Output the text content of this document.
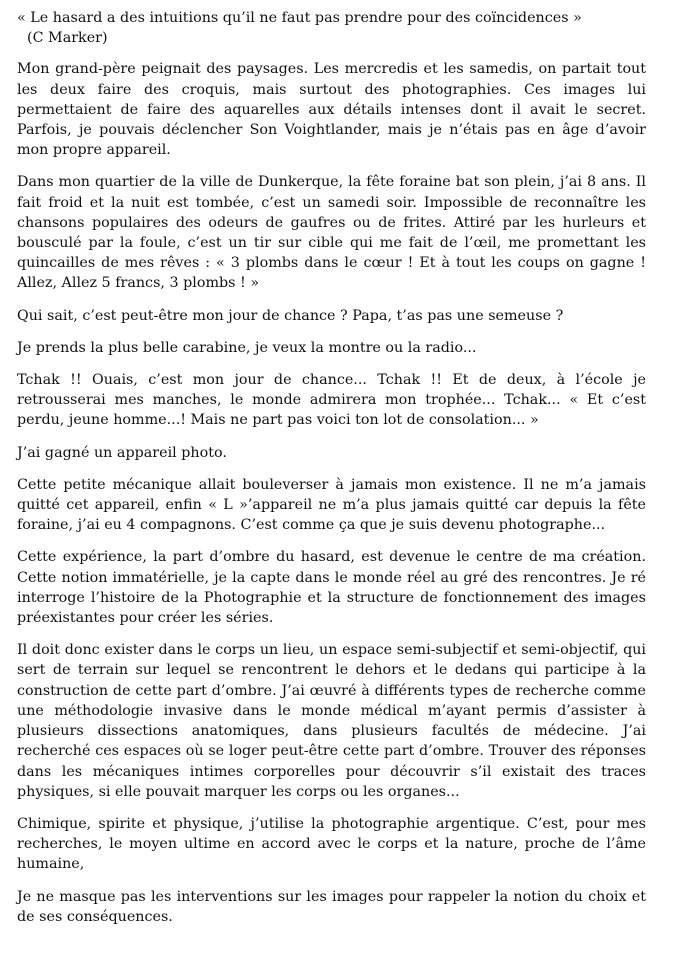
« Le hasard a des intuitions qu’il ne faut pas prendre pour des coïncidences »
(C Marker)

Mon grand-père peignait des paysages. Les mercredis et les samedis, on partait tout les deux faire des croquis, mais surtout des photographies. Ces images lui permettaient de faire des aquarelles aux détails intenses dont il avait le secret. Parfois, je pouvais déclencher Son Voightlander, mais je n’étais pas en âge d’avoir mon propre appareil.

Dans mon quartier de la ville de Dunkerque, la fête foraine bat son plein, j’ai 8 ans. Il fait froid et la nuit est tombée, c’est un samedi soir. Impossible de reconnaître les chansons populaires des odeurs de gaufres ou de frites. Attiré par les hurleurs et bousculé par la foule, c’est un tir sur cible qui me fait de l’œil, me promettant les quincailles de mes rêves : « 3 plombs dans le cœur ! Et à tout les coups on gagne ! Allez, Allez 5 francs, 3 plombs ! »

Qui sait, c’est peut-être mon jour de chance ? Papa, t’as pas une semeuse ?

Je prends la plus belle carabine, je veux la montre ou la radio...

Tchak !! Ouais, c’est mon jour de chance... Tchak !! Et de deux, à l’école je retrousserai mes manches, le monde admirera mon trophée... Tchak... « Et c’est perdu, jeune homme...! Mais ne part pas voici ton lot de consolation... »

J’ai gagné un appareil photo.

Cette petite mécanique allait bouleverser à jamais mon existence. Il ne m’a jamais quitté cet appareil, enfin « L »’appareil ne m’a plus jamais quitté car depuis la fête foraine, j’ai eu 4 compagnons. C’est comme ça que je suis devenu photographe...

Cette expérience, la part d’ombre du hasard, est devenue le centre de ma création. Cette notion immatérielle, je la capte dans le monde réel au gré des rencontres. Je ré interroge l’histoire de la Photographie et la structure de fonctionnement des images préexistantes pour créer les séries.

Il doit donc exister dans le corps un lieu, un espace semi-subjectif et semi-objectif, qui sert de terrain sur lequel se rencontrent le dehors et le dedans qui participe à la construction de cette part d’ombre. J’ai œuvré à différents types de recherche comme une méthodologie invasive dans le monde médical m’ayant permis d’assister à plusieurs dissections anatomiques, dans plusieurs facultés de médecine. J’ai recherché ces espaces où se loger peut-être cette part d’ombre. Trouver des réponses dans les mécaniques intimes corporelles pour découvrir s’il existait des traces physiques, si elle pouvait marquer les corps ou les organes...

Chimique, spirite et physique, j’utilise la photographie argentique. C’est, pour mes recherches, le moyen ultime en accord avec le corps et la nature, proche de l’âme humaine,

Je ne masque pas les interventions sur les images pour rappeler la notion du choix et de ses conséquences.
